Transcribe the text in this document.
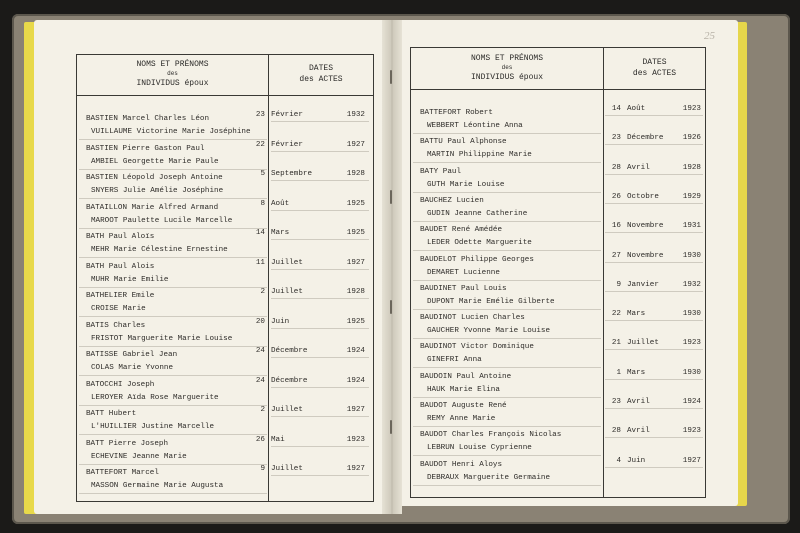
25
NOMS ET PRÉNOMS
des
INDIVIDUS époux
DATES
des ACTES
BASTIEN Marcel Charles Léon
VUILLAUME Victorine Marie Joséphine
23 Février	1932
BASTIEN Pierre Gaston Paul
AMBIEL Georgette Marie Paule
22 Février	1927
BASTIEN Léopold Joseph Antoine
SNYERS Julie Amélie Joséphine
5 Septembre	1928
BATAILLON Marie Alfred Armand
MAROOT Paulette Lucile Marcelle
8 Août	1925
BATH Paul Aloïs
MEHR Marie Célestine Ernestine
14 Mars	1925
BATH Paul Alois
MUHR Marie Emilie
11 Juillet	1927
BATHELIER Emile
CROISE Marie
2 Juillet	1928
BATIS Charles
FRISTOT Marguerite Marie Louise
20 Juin	1925
BATISSE Gabriel Jean
COLAS Marie Yvonne
24 Décembre	1924
BATOCCHI Joseph
LEROYER Aïda Rose Marguerite
24 Décembre	1924
BATT Hubert
L'HUILLIER Justine Marcelle
2 Juillet	1927
BATT Pierre Joseph
ECHEVINE Jeanne Marie
26 Mai	1923
BATTEFORT Marcel
MASSON Germaine Marie Augusta
9 Juillet	1927
NOMS ET PRÉNOMS
des
INDIVIDUS époux
DATES
des ACTES
BATTEFORT Robert
WEBBERT Léontine Anna
14 Août	1923
BATTU Paul Alphonse
MARTIN Philippine Marie
23 Décembre	1926
BATY Paul
GUTH Marie Louise
28 Avril	1928
BAUCHEZ Lucien
GUDIN Jeanne Catherine
26 Octobre	1929
BAUDET René Amédée
LEDER Odette Marguerite
16 Novembre	1931
BAUDELOT Philippe Georges
DEMARET Lucienne
27 Novembre	1930
BAUDINET Paul Louis
DUPONT Marie Emélie Gilberte
9 Janvier	1932
BAUDINOT Lucien Charles
GAUCHER Yvonne Marie Louise
22 Mars	1930
BAUDINOT Victor Dominique
GINEFRI Anna
21 Juillet	1923
BAUDOIN Paul Antoine
HAUK Marie Elina
1 Mars	1930
BAUDOT Auguste René
REMY Anne Marie
23 Avril	1924
BAUDOT Charles François Nicolas
LEBRUN Louise Cyprienne
28 Avril	1923
BAUDOT Henri Aloys
DEBRAUX Marguerite Germaine
4 Juin	1927
